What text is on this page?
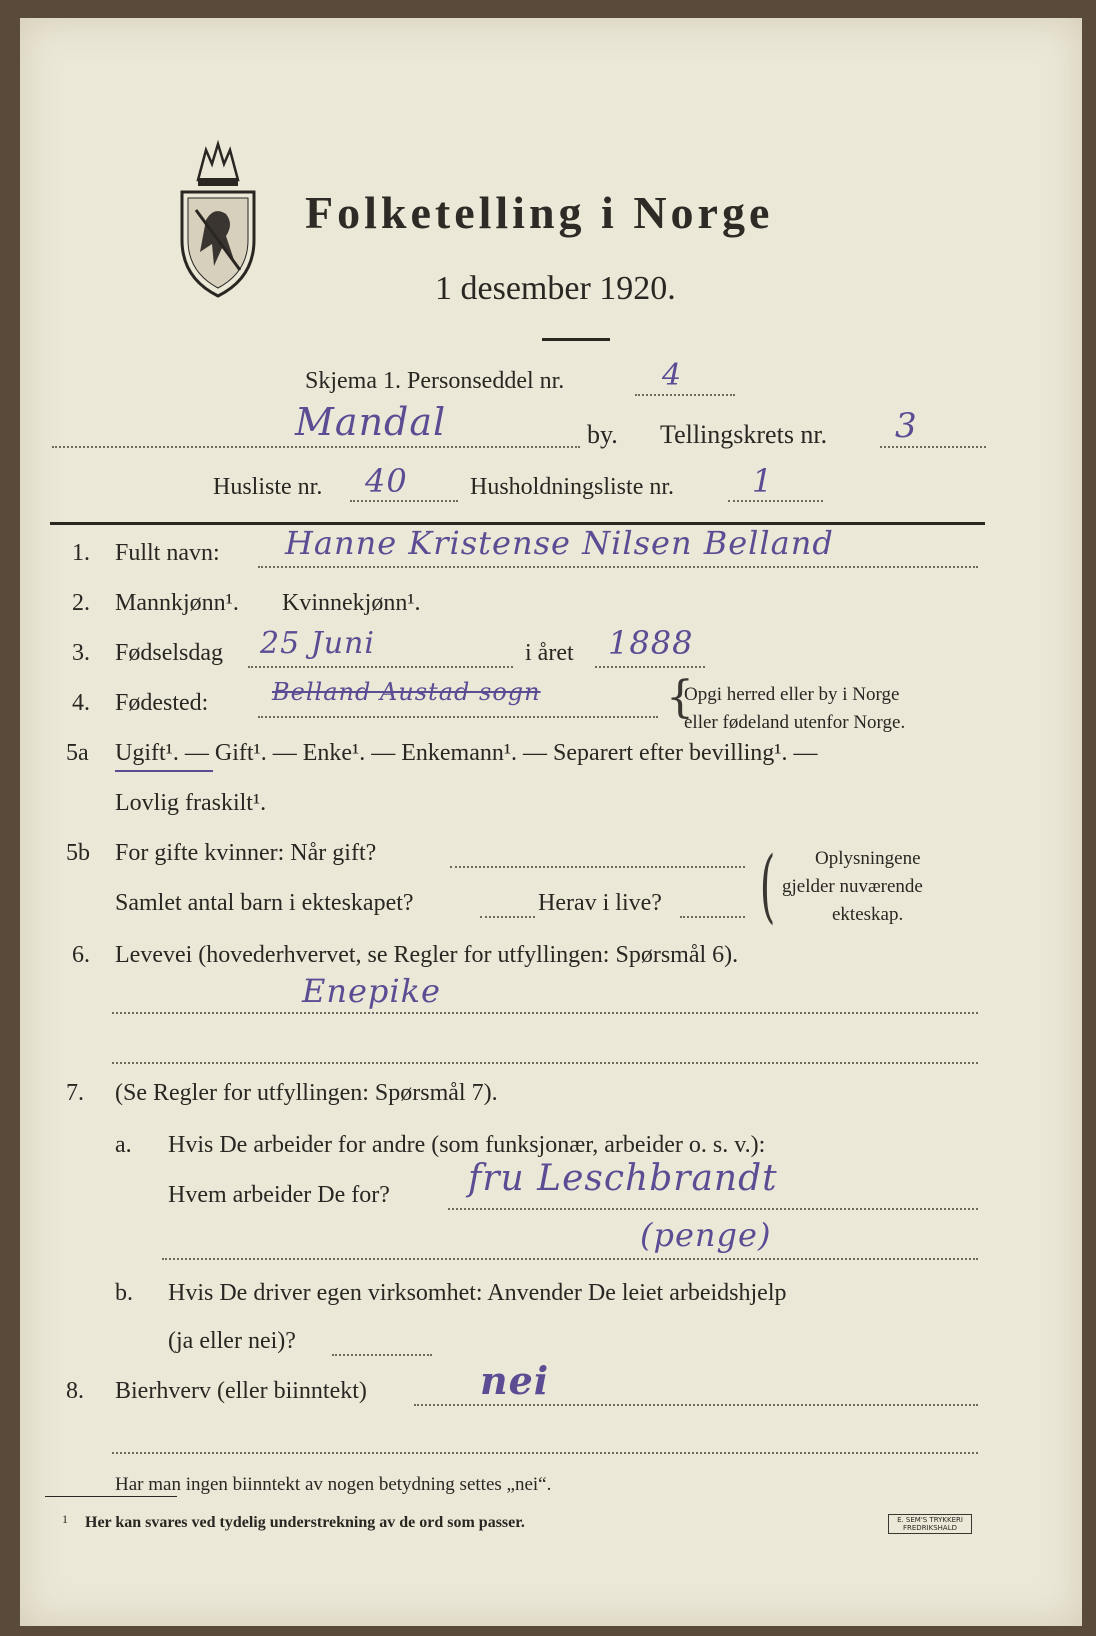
Folketelling i Norge
1 desember 1920.
Skjema 1. Personseddel nr.	4
Mandal	by. Tellingskrets nr. 3
Husliste nr. 40	Husholdningsliste nr. 1
1. Fullt navn: Hanne Kristense Nilsen Belland
2. Mannkjønn¹. Kvinnekjønn¹.
3. Fødselsdag 25 Juni	i året 1888
4. Fødested:	Belland Austad sogn	{
Opgi herred eller by i Norge
eller fødeland utenfor Norge.
5a Ugift¹. — Gift¹. — Enke¹. — Enkemann¹. — Separert efter bevilling¹. —
Lovlig fraskilt¹.
5b For gifte kvinner: Når gift?
Samlet antal barn i ekteskapet?	Herav i live? ( Oplysningene
gjelder nuværende
ekteskap.
6. Levevei (hovederhvervet, se Regler for utfyllingen: Spørsmål 6).
Enepike
7. (Se Regler for utfyllingen: Spørsmål 7).
a. Hvis De arbeider for andre (som funksjonær, arbeider o. s. v.):
Hvem arbeider De for? fru Leschbrandt
(penge)
b. Hvis De driver egen virksomhet: Anvender De leiet arbeidshjelp
(ja eller nei)?
8. Bierhverv (eller biinntekt)	nei
Har man ingen biinntekt av nogen betydning settes „nei“.
1 Her kan svares ved tydelig understrekning av de ord som passer.	E. SEM'S TRYKKERI
FREDRIKSHALD
